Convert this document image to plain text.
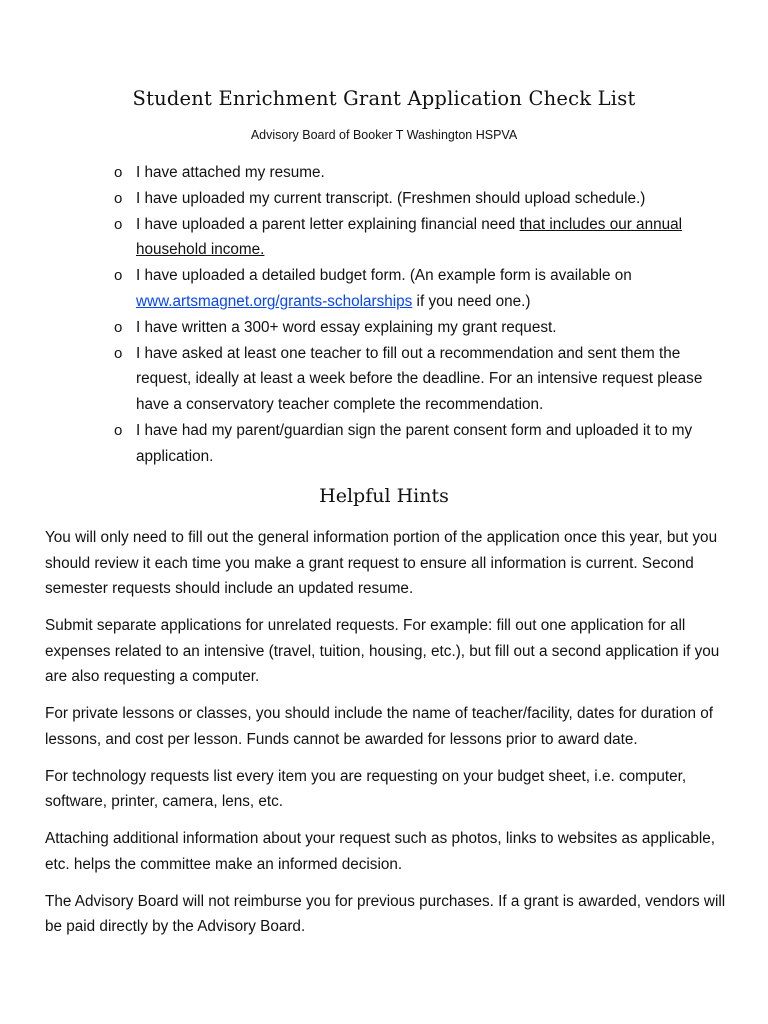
Student Enrichment Grant Application Check List
Advisory Board of Booker T Washington HSPVA
o I have attached my resume.
o I have uploaded my current transcript. (Freshmen should upload schedule.)
o I have uploaded a parent letter explaining financial need that includes our annual household income.
o I have uploaded a detailed budget form. (An example form is available on www.artsmagnet.org/grants-scholarships if you need one.)
o I have written a 300+ word essay explaining my grant request.
o I have asked at least one teacher to fill out a recommendation and sent them the request, ideally at least a week before the deadline. For an intensive request please have a conservatory teacher complete the recommendation.
o I have had my parent/guardian sign the parent consent form and uploaded it to my application.
Helpful Hints

You will only need to fill out the general information portion of the application once this year, but you should review it each time you make a grant request to ensure all information is current. Second semester requests should include an updated resume.

Submit separate applications for unrelated requests. For example: fill out one application for all expenses related to an intensive (travel, tuition, housing, etc.), but fill out a second application if you are also requesting a computer.

For private lessons or classes, you should include the name of teacher/facility, dates for duration of lessons, and cost per lesson. Funds cannot be awarded for lessons prior to award date.

For technology requests list every item you are requesting on your budget sheet, i.e. computer, software, printer, camera, lens, etc.

Attaching additional information about your request such as photos, links to websites as applicable, etc. helps the committee make an informed decision.

The Advisory Board will not reimburse you for previous purchases. If a grant is awarded, vendors will be paid directly by the Advisory Board.
